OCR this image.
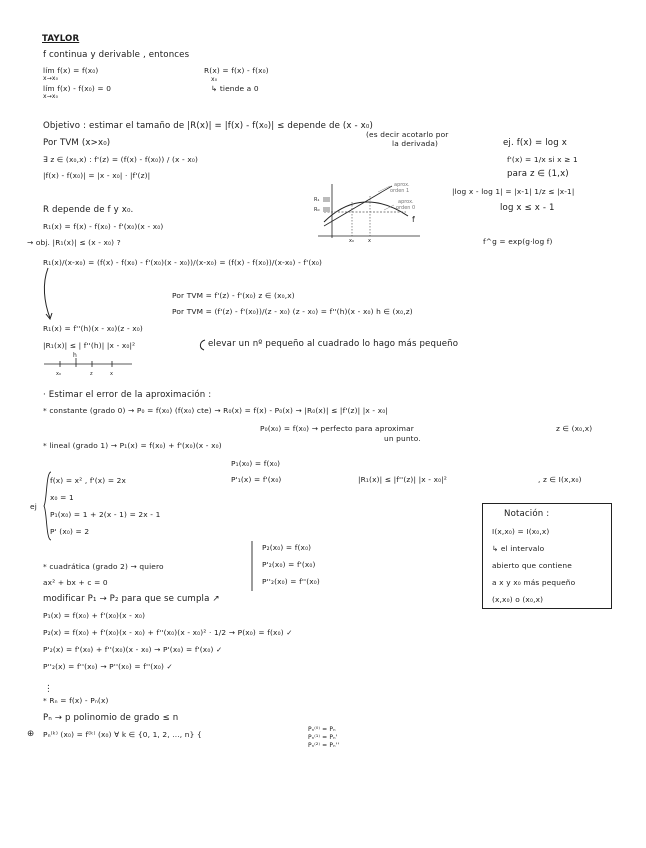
TAYLOR
f continua y derivable , entonces
lím f(x) = f(x₀)
x→x₀
R(x) = f(x) - f(x₀)
lím f(x) - f(x₀) = 0
x→x₀
x₀
↳ tiende a 0
Objetivo : estimar el tamaño de |R(x)| = |f(x) - f(x₀)| ≤ depende de (x - x₀)
(es decir acotarlo por
la derivada)
Por TVM (x>x₀)
∃ z ∈ (x₀,x) : f'(z) = (f(x) - f(x₀)) / (x - x₀)
|f(x) - f(x₀)| = |x - x₀| · |f'(z)|
ej. f(x) = log x
f'(x) = 1/x si x ≥ 1
para z ∈ (1,x)
|log x - log 1| = |x-1| 1/z ≤ |x-1|
log x ≤ x - 1
f^g = exp(g·log f)
R₁
R₀
aprox.
orden 1
aprox.
orden 0
f
x₀	x
R depende de f y x₀.
R₁(x) = f(x) - f(x₀) - f'(x₀)(x - x₀)
→ obj. |R₁(x)| ≤ (x - x₀) ?
R₁(x)/(x-x₀) = (f(x) - f(x₀) - f'(x₀)(x - x₀))/(x-x₀) = (f(x) - f(x₀))/(x-x₀) - f'(x₀)
Por TVM = f'(z) - f'(x₀) z ∈ (x₀,x)
Por TVM = (f'(z) - f'(x₀))/(z - x₀) (z - x₀) = f''(h)(x - x₀) h ∈ (x₀,z)
R₁(x) = f''(h)(x - x₀)(z - x₀)
|R₁(x)| ≤ | f''(h)| |x - x₀|²	elevar un nº pequeño al cuadrado lo hago más pequeño
h
x₀	z	x
· Estimar el error de la aproximación :
* constante (grado 0) → P₀ = f(x₀) (f(x₀) cte) → R₀(x) = f(x) - P₀(x) → |R₀(x)| ≤ |f'(z)| |x - x₀|
P₀(x₀) = f(x₀) → perfecto para aproximar
un punto.
z ∈ (x₀,x)
* lineal (grado 1) → P₁(x) = f(x₀) + f'(x₀)(x - x₀)
P₁(x₀) = f(x₀)
P'₁(x) = f'(x₀)	|R₁(x)| ≤ |f''(z)| |x - x₀|²	, z ∈ I(x,x₀)
ej
f(x) = x² , f'(x) = 2x
x₀ = 1
P₁(x₀) = 1 + 2(x - 1) = 2x - 1
P' (x₀) = 2
Notación :
I(x,x₀) = I(x₀,x)
↳ el intervalo
abierto que contiene
a x y x₀ más pequeño
(x,x₀) o (x₀,x)
* cuadrática (grado 2) → quiero
ax² + bx + c = 0
P₂(x₀) = f(x₀)
P'₂(x₀) = f'(x₀)
P''₂(x₀) = f''(x₀)
modificar P₁ → P₂ para que se cumpla ↗
P₁(x) = f(x₀) + f'(x₀)(x - x₀)
P₂(x) = f(x₀) + f'(x₀)(x - x₀) + f''(x₀)(x - x₀)² · 1/2 → P(x₀) = f(x₀) ✓
P'₂(x) = f'(x₀) + f''(x₀)(x - x₀) → P'(x₀) = f'(x₀) ✓
P''₂(x) = f''(x₀) → P''(x₀) = f''(x₀) ✓
⋮
* Rₙ = f(x) - Pₙ(x)
Pₙ → p polinomio de grado ≤ n
⊕ Pₙ⁽ᵏ⁾ (x₀) = f⁽ᵏ⁾ (x₀) ∀ k ∈ {0, 1, 2, ..., n} {
Pₙ⁽⁰⁾ = Pₙ
Pₙ⁽¹⁾ = Pₙ'
Pₙ⁽²⁾ = Pₙ''
